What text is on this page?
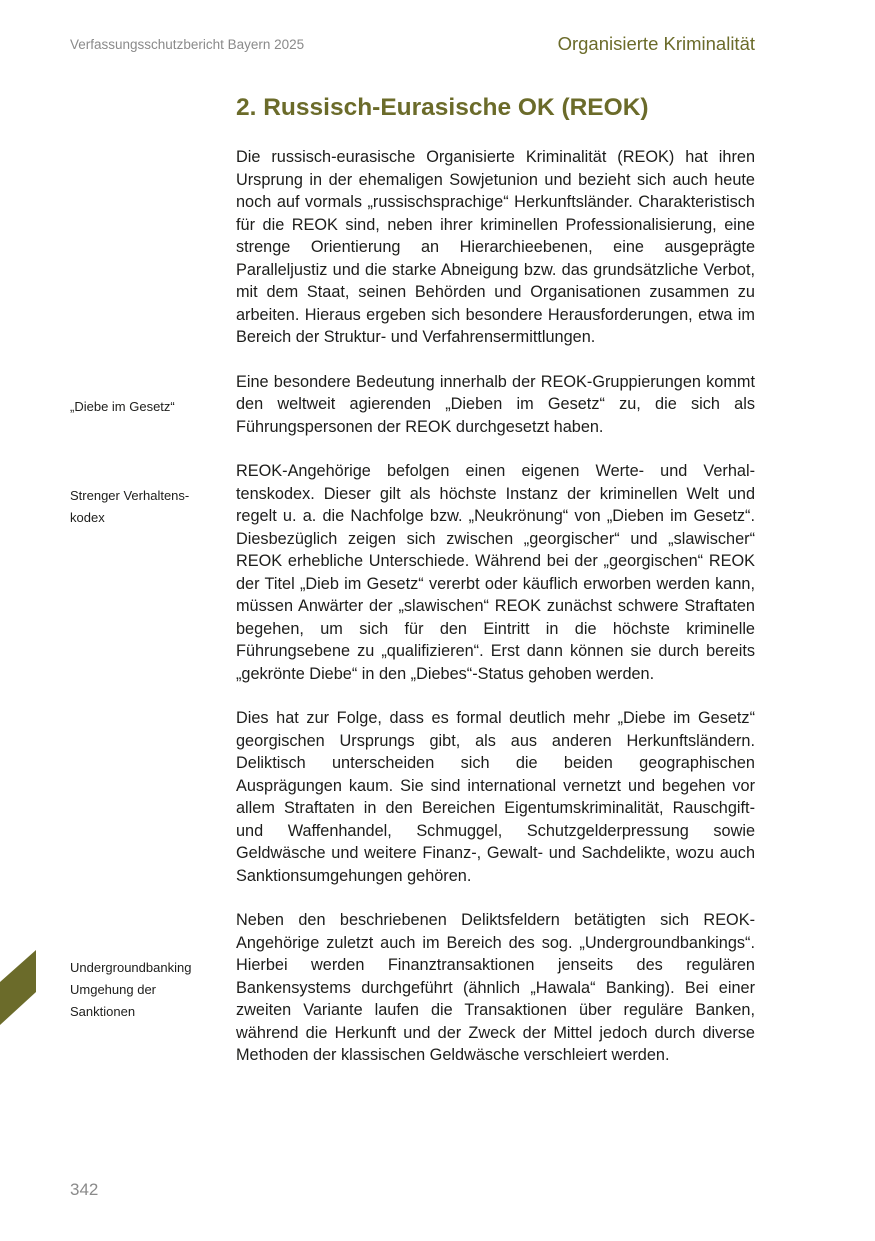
Verfassungsschutzbericht Bayern 2025	Organisierte Kriminalität
2. Russisch-Eurasische OK (REOK)

Die russisch-eurasische Organisierte Kriminalität (REOK) hat ihren Ursprung in der ehemaligen Sowjetunion und bezieht sich auch heute noch auf vormals „russischsprachige“ Herkunftsländer. Charakteristisch für die REOK sind, neben ihrer kriminellen Professionalisierung, eine strenge Orientierung an Hierarchieebenen, eine ausgeprägte Paralleljustiz und die starke Abneigung bzw. das grundsätzliche Verbot, mit dem Staat, seinen Behörden und Organisationen zusammen zu arbeiten. Hieraus ergeben sich besondere Herausforderungen, etwa im Bereich der Struktur- und Verfahrensermittlungen.

Eine besondere Bedeutung innerhalb der REOK-Gruppierungen kommt den weltweit agierenden „Dieben im Gesetz“ zu, die sich als Führungspersonen der REOK durchgesetzt haben.

REOK-Angehörige befolgen einen eigenen Werte- und Verhaltenskodex. Dieser gilt als höchste Instanz der kriminellen Welt und regelt u. a. die Nachfolge bzw. „Neukrönung“ von „Dieben im Gesetz“. Diesbezüglich zeigen sich zwischen „georgischer“ und „slawischer“ REOK erhebliche Unterschiede. Während bei der „georgischen“ REOK der Titel „Dieb im Gesetz“ vererbt oder käuflich erworben werden kann, müssen Anwärter der „slawischen“ REOK zunächst schwere Straftaten begehen, um sich für den Eintritt in die höchste kriminelle Führungsebene zu „qualifizieren“. Erst dann können sie durch bereits „gekrönte Diebe“ in den „Diebes“-Status gehoben werden.

Dies hat zur Folge, dass es formal deutlich mehr „Diebe im Gesetz“ georgischen Ursprungs gibt, als aus anderen Herkunftsländern. Deliktisch unterscheiden sich die beiden geographischen Ausprägungen kaum. Sie sind international vernetzt und begehen vor allem Straftaten in den Bereichen Eigentumskriminalität, Rauschgift- und Waffenhandel, Schmuggel, Schutzgelderpressung sowie Geldwäsche und weitere Finanz-, Gewalt- und Sachdelikte, wozu auch Sanktionsumgehungen gehören.

Neben den beschriebenen Deliktsfeldern betätigten sich REOK-Angehörige zuletzt auch im Bereich des sog. „Undergroundbankings“. Hierbei werden Finanztransaktionen jenseits des regulären Bankensystems durchgeführt (ähnlich „Hawala“ Banking). Bei einer zweiten Variante laufen die Transaktionen über reguläre Banken, während die Herkunft und der Zweck der Mittel jedoch durch diverse Methoden der klassischen Geldwäsche verschleiert werden.

„Diebe im Gesetz“
Strenger Verhaltenskodex
Undergroundbanking Umgehung der Sanktionen
342
